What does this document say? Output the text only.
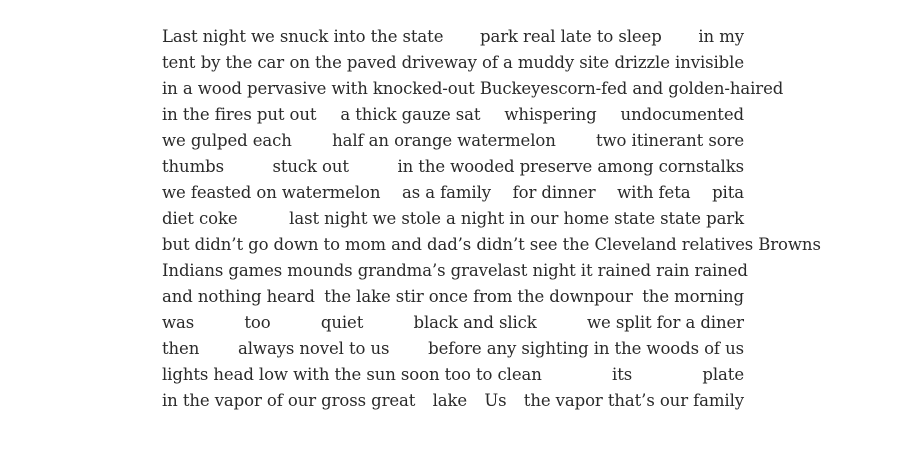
Last night we snuck into the state park real late to sleep in my
tent by the car on the paved driveway of a muddy site drizzle invisible
in a wood pervasive with knocked-out Buckeyes corn-fed and golden-haired
in the fires put out a thick gauze sat whispering undocumented
we gulped each half an orange watermelon two itinerant sore
thumbs	stuck out	in the wooded preserve among cornstalks
we feasted on watermelon as a family for dinner with feta pita
diet coke	last night we stole a night in our home state state park
but didn’t go down to mom and dad’s didn’t see the Cleveland relatives Browns
Indians games mounds grandma’s grave last night it rained rain rained
and nothing heard the lake stir once from the downpour the morning
was	too	quiet	black and slick	we split for a diner
then always novel to us before any sighting in the woods of us
lights head low with the sun soon too to clean	its	plate
in the vapor of our gross great lake Us the vapor that’s our family
